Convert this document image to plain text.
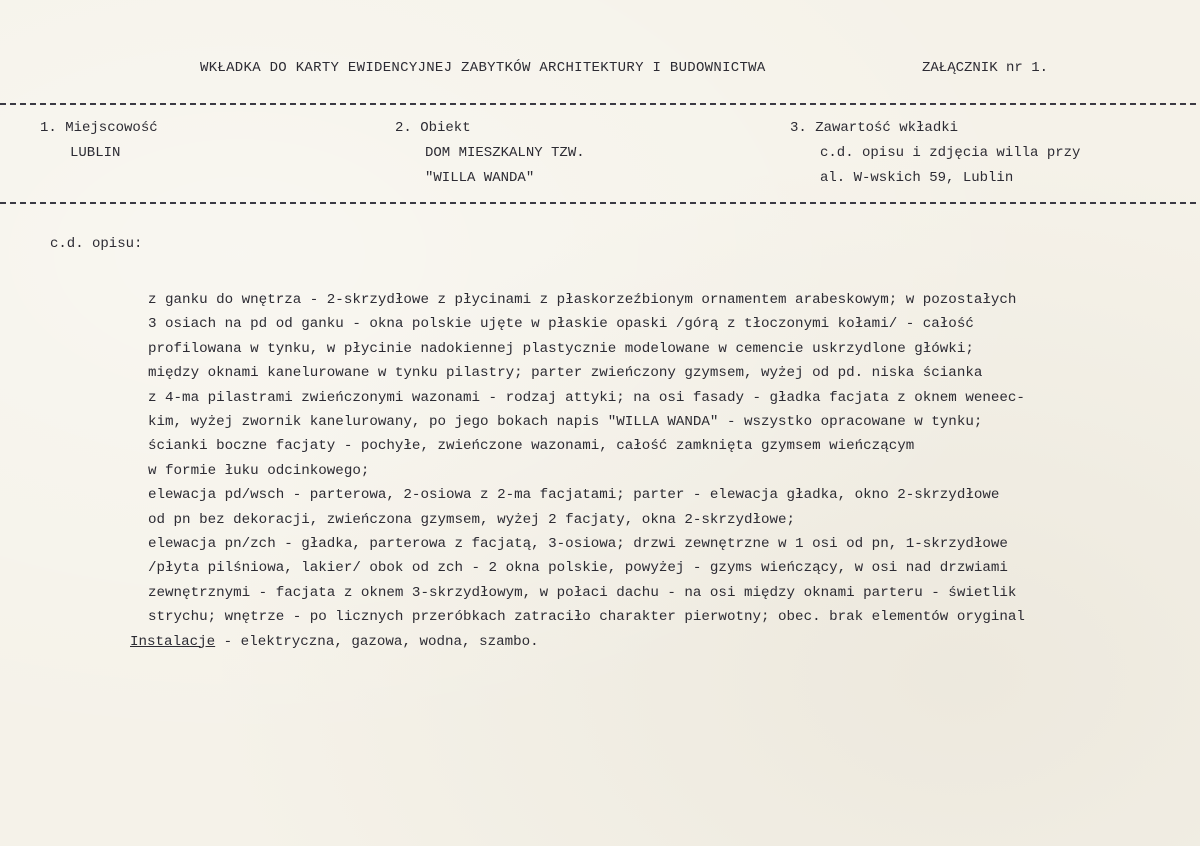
WKŁADKA DO KARTY EWIDENCYJNEJ ZABYTKÓW ARCHITEKTURY I BUDOWNICTWA	ZAŁĄCZNIK nr 1.
1. Miejscowość
LUBLIN
2. Obiekt
DOM MIESZKALNY TZW.
"WILLA WANDA"
3. Zawartość wkładki
c.d. opisu i zdjęcia willa przy
al. W-wskich 59, Lublin
c.d. opisu:
z ganku do wnętrza - 2-skrzydłowe z płycinami z płaskorzeźbionym ornamentem arabeskowym; w pozostałych
3 osiach na pd od ganku - okna polskie ujęte w płaskie opaski /górą z tłoczonymi kołami/ - całość
profilowana w tynku, w płycinie nadokiennej plastycznie modelowane w cemencie uskrzydlone główki;
między oknami kanelurowane w tynku pilastry; parter zwieńczony gzymsem, wyżej od pd. niska ścianka
z 4-ma pilastrami zwieńczonymi wazonami - rodzaj attyki; na osi fasady - gładka facjata z oknem weneec-
kim, wyżej zwornik kanelurowany, po jego bokach napis "WILLA WANDA" - wszystko opracowane w tynku;
ścianki boczne facjaty - pochyłe, zwieńczone wazonami, całość zamknięta gzymsem wieńczącym
w formie łuku odcinkowego;
elewacja pd/wsch - parterowa, 2-osiowa z 2-ma facjatami; parter - elewacja gładka, okno 2-skrzydłowe
od pn bez dekoracji, zwieńczona gzymsem, wyżej 2 facjaty, okna 2-skrzydłowe;
elewacja pn/zch - gładka, parterowa z facjatą, 3-osiowa; drzwi zewnętrzne w 1 osi od pn, 1-skrzydłowe
/płyta pilśniowa, lakier/ obok od zch - 2 okna polskie, powyżej - gzyms wieńczący, w osi nad drzwiami
zewnętrznymi - facjata z oknem 3-skrzydłowym, w połaci dachu - na osi między oknami parteru - świetlik
strychu; wnętrze - po licznych przeróbkach zatraciło charakter pierwotny; obec. brak elementów oryginal
Instalacje - elektryczna, gazowa, wodna, szambo.
